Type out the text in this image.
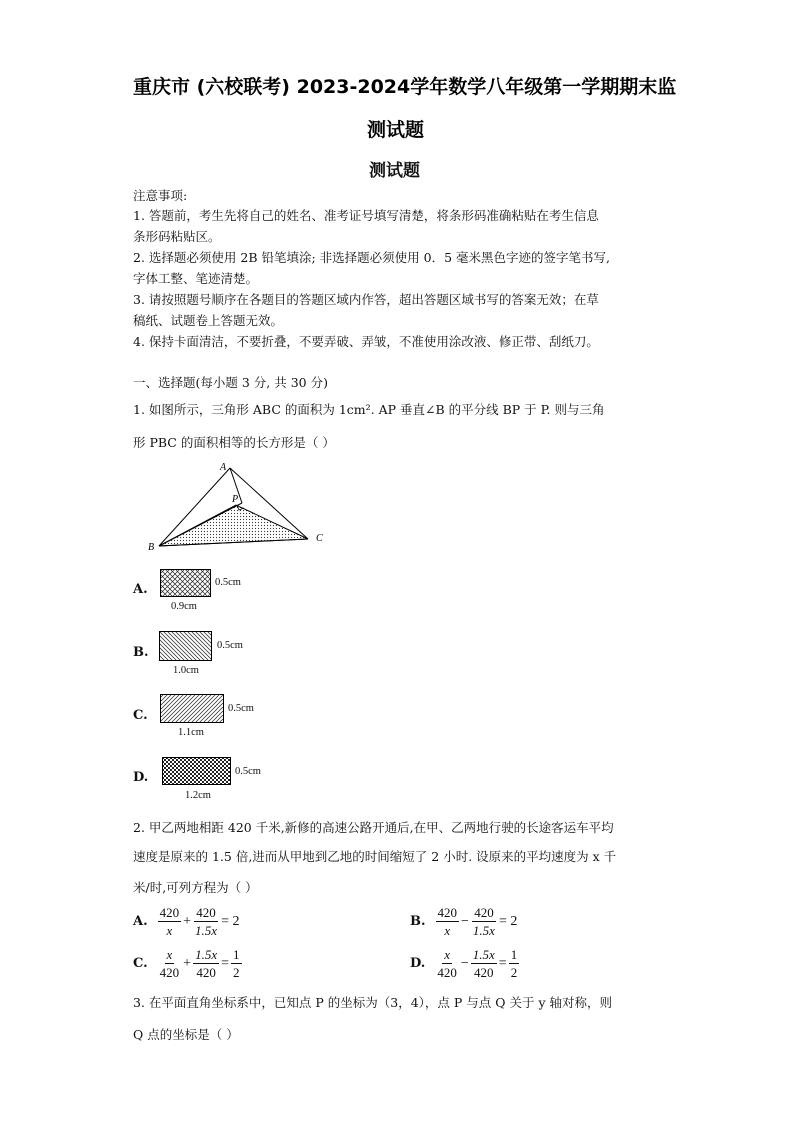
重庆市 (六校联考) 2023-2024学年数学八年级第一学期期末监
测试题
测试题
注意事项:
1. 答题前，考生先将自己的姓名、准考证号填写清楚，将条形码准确粘贴在考生信息
条形码粘贴区。
2. 选择题必须使用 2B 铅笔填涂; 非选择题必须使用 0．5 毫米黑色字迹的签字笔书写,
字体工整、笔迹清楚。
3. 请按照题号顺序在各题目的答题区域内作答，超出答题区域书写的答案无效；在草
稿纸、试题卷上答题无效。
4. 保持卡面清洁，不要折叠，不要弄破、弄皱，不准使用涂改液、修正带、刮纸刀。
一、选择题(每小题 3 分, 共 30 分)
1. 如图所示，三角形 ABC 的面积为 1cm². AP 垂直∠B 的平分线 BP 于 P. 则与三角
形 PBC 的面积相等的长方形是（ ）
A
P
B
C
A.	0.5cm
0.9cm
B.	0.5cm
1.0cm
C.	0.5cm
1.1cm
D.	0.5cm
1.2cm
2. 甲乙两地相距 420 千米,新修的高速公路开通后,在甲、乙两地行驶的长途客运车平均
速度是原来的 1.5 倍,进而从甲地到乙地的时间缩短了 2 小时. 设原来的平均速度为 x 千
米/时,可列方程为（ ）
A. $\frac{420}{x} + \frac{420}{1.5x} = 2$	B. $\frac{420}{x} - \frac{420}{1.5x} = 2$
C. $\frac{x}{420} + \frac{1.5x}{420} = \frac{1}{2}$	D. $\frac{x}{420} - \frac{1.5x}{420} = \frac{1}{2}$
3. 在平面直角坐标系中，已知点 P 的坐标为（3，4），点 P 与点 Q 关于 y 轴对称，则
Q 点的坐标是（ ）
